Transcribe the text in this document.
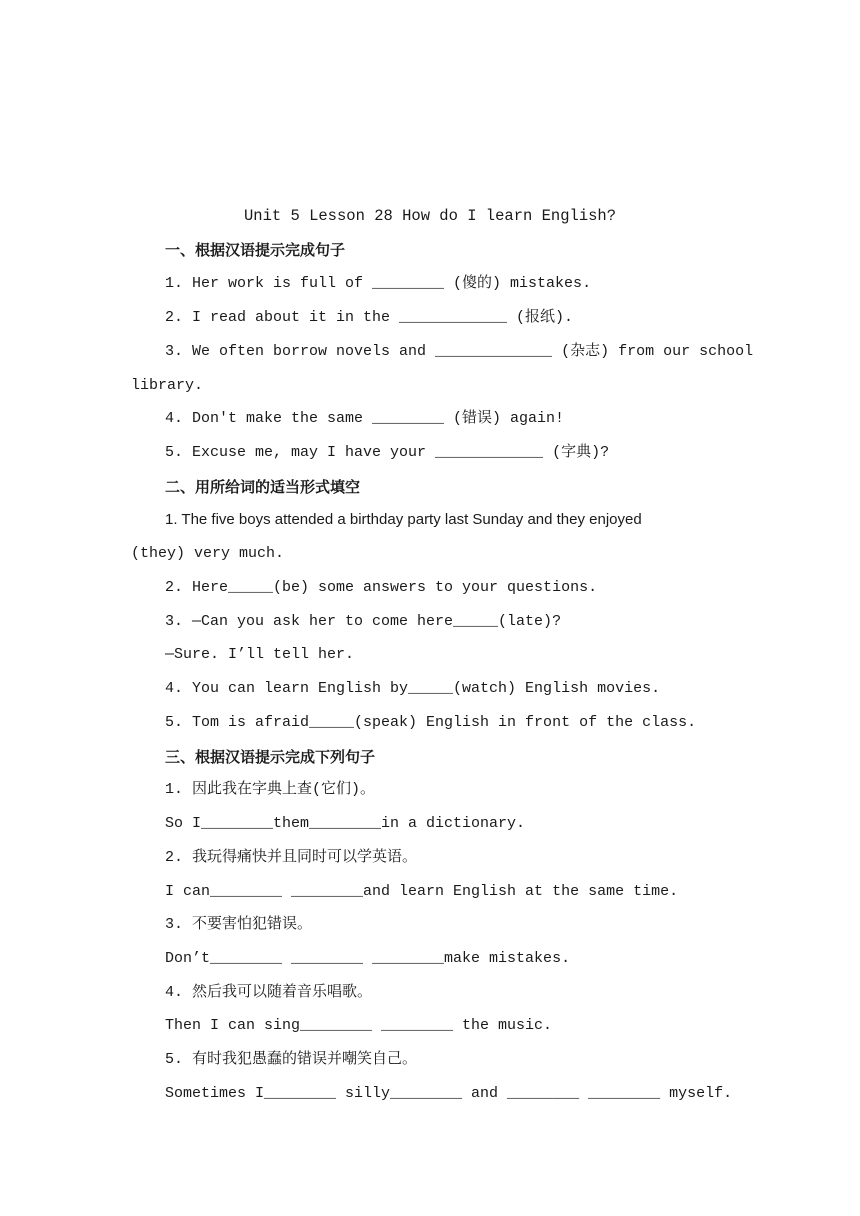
Unit 5 Lesson 28 How do I learn English?
一、根据汉语提示完成句子
1. Her work is full of ________ (傻的) mistakes.
2. I read about it in the ____________ (报纸).
3. We often borrow novels and _____________ (杂志) from our school
library.
4. Don't make the same ________ (错误) again!
5. Excuse me, may I have your ____________ (字典)?
二、用所给词的适当形式填空
1. The five boys attended a birthday party last Sunday and they enjoyed
(they) very much.
2. Here_____(be) some answers to your questions.
3. —Can you ask her to come here_____(late)?
—Sure. I’ll tell her.
4. You can learn English by_____(watch) English movies.
5. Tom is afraid_____(speak) English in front of the class.
三、根据汉语提示完成下列句子
1. 因此我在字典上查(它们)。
So I________them________in a dictionary.
2. 我玩得痛快并且同时可以学英语。
I can________ ________and learn English at the same time.
3. 不要害怕犯错误。
Don’t________ ________ ________make mistakes.
4. 然后我可以随着音乐唱歌。
Then I can sing________ ________ the music.
5. 有时我犯愚蠢的错误并嘲笑自己。
Sometimes I________ silly________ and ________ ________ myself.
